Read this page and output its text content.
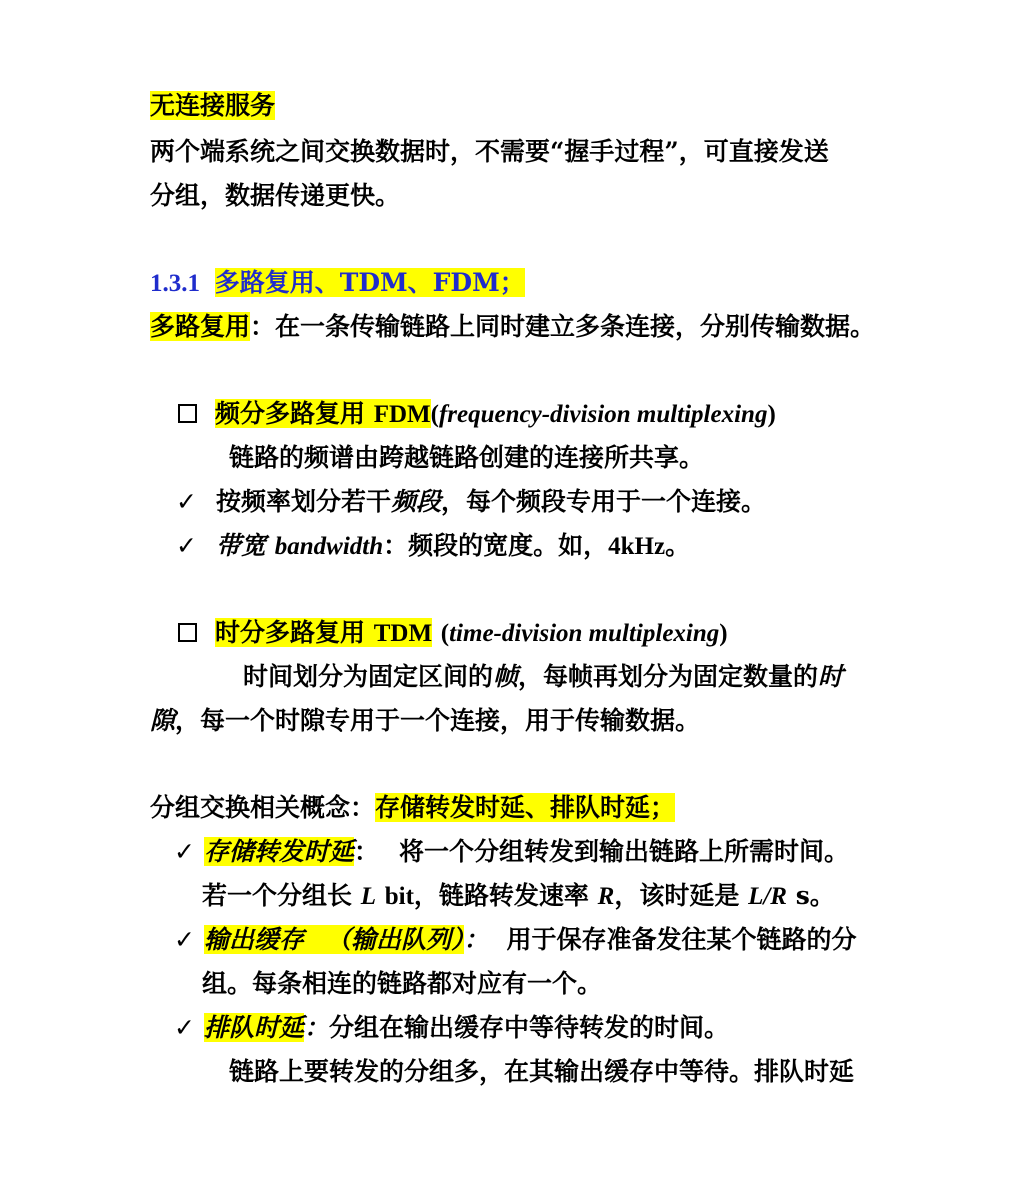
无连接服务
两个端系统之间交换数据时，不需要“握手过程”，可直接发送
分组，数据传递更快。
1.3.1 多路复用、TDM、FDM；
多路复用：在一条传输链路上同时建立多条连接，分别传输数据。
频分多路复用 FDM(frequency-division multiplexing)
链路的频谱由跨越链路创建的连接所共享。
✓ 按频率划分若干频段，每个频段专用于一个连接。
✓ 带宽 bandwidth：频段的宽度。如，4kHz。
时分多路复用 TDM (time-division multiplexing)
时间划分为固定区间的帧，每帧再划分为固定数量的时
隙，每一个时隙专用于一个连接，用于传输数据。
分组交换相关概念：存储转发时延、排队时延；
✓ 存储转发时延： 将一个分组转发到输出链路上所需时间。
若一个分组长 L bit，链路转发速率 R，该时延是 L/R s。
✓ 输出缓存 （输出队列）： 用于保存准备发往某个链路的分
组。每条相连的链路都对应有一个。
✓ 排队时延：分组在输出缓存中等待转发的时间。
链路上要转发的分组多，在其输出缓存中等待。排队时延
